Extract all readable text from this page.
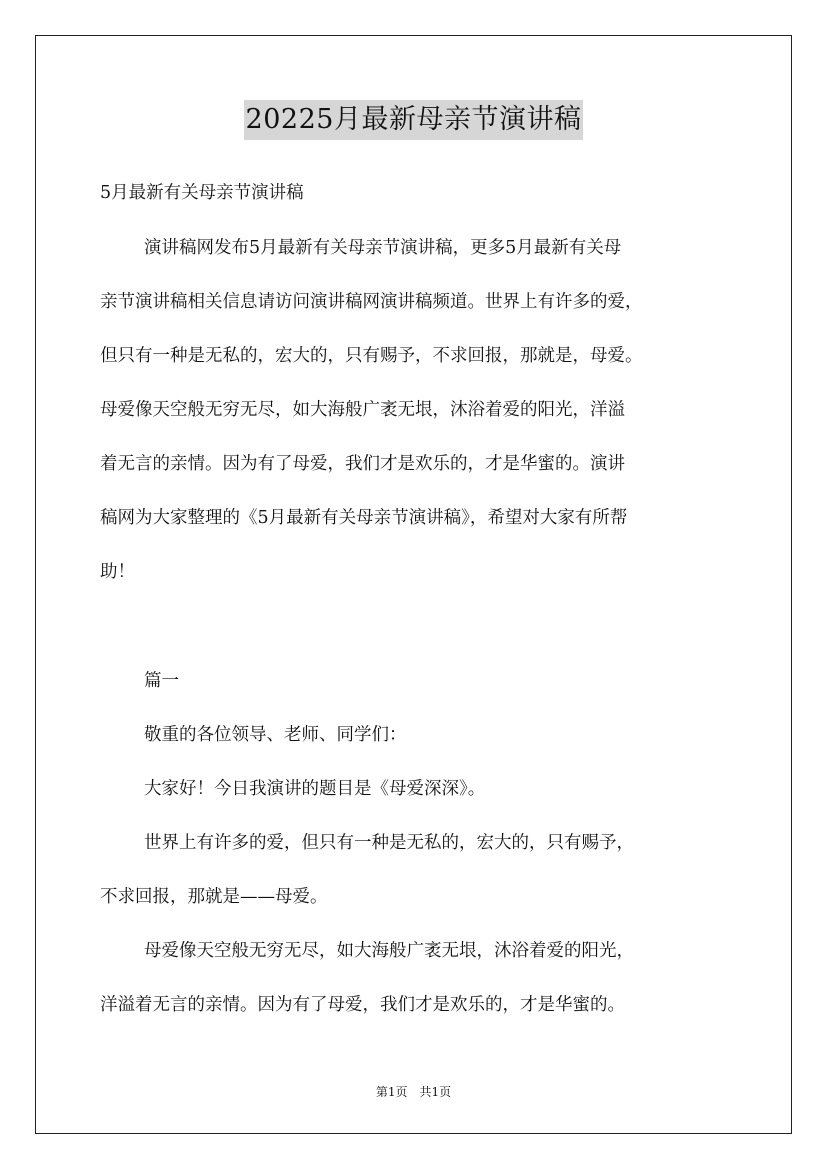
20225月最新母亲节演讲稿
5月最新有关母亲节演讲稿
演讲稿网发布5月最新有关母亲节演讲稿，更多5月最新有关母
亲节演讲稿相关信息请访问演讲稿网演讲稿频道。世界上有许多的爱，
但只有一种是无私的，宏大的，只有赐予，不求回报，那就是，母爱。
母爱像天空般无穷无尽，如大海般广袤无垠，沐浴着爱的阳光，洋溢
着无言的亲情。因为有了母爱，我们才是欢乐的，才是华蜜的。演讲
稿网为大家整理的《5月最新有关母亲节演讲稿》，希望对大家有所帮
助！
篇一
敬重的各位领导、老师、同学们：
大家好！今日我演讲的题目是《母爱深深》。
世界上有许多的爱，但只有一种是无私的，宏大的，只有赐予，
不求回报，那就是——母爱。
母爱像天空般无穷无尽，如大海般广袤无垠，沐浴着爱的阳光，
洋溢着无言的亲情。因为有了母爱，我们才是欢乐的，才是华蜜的。
第1页　共1页
